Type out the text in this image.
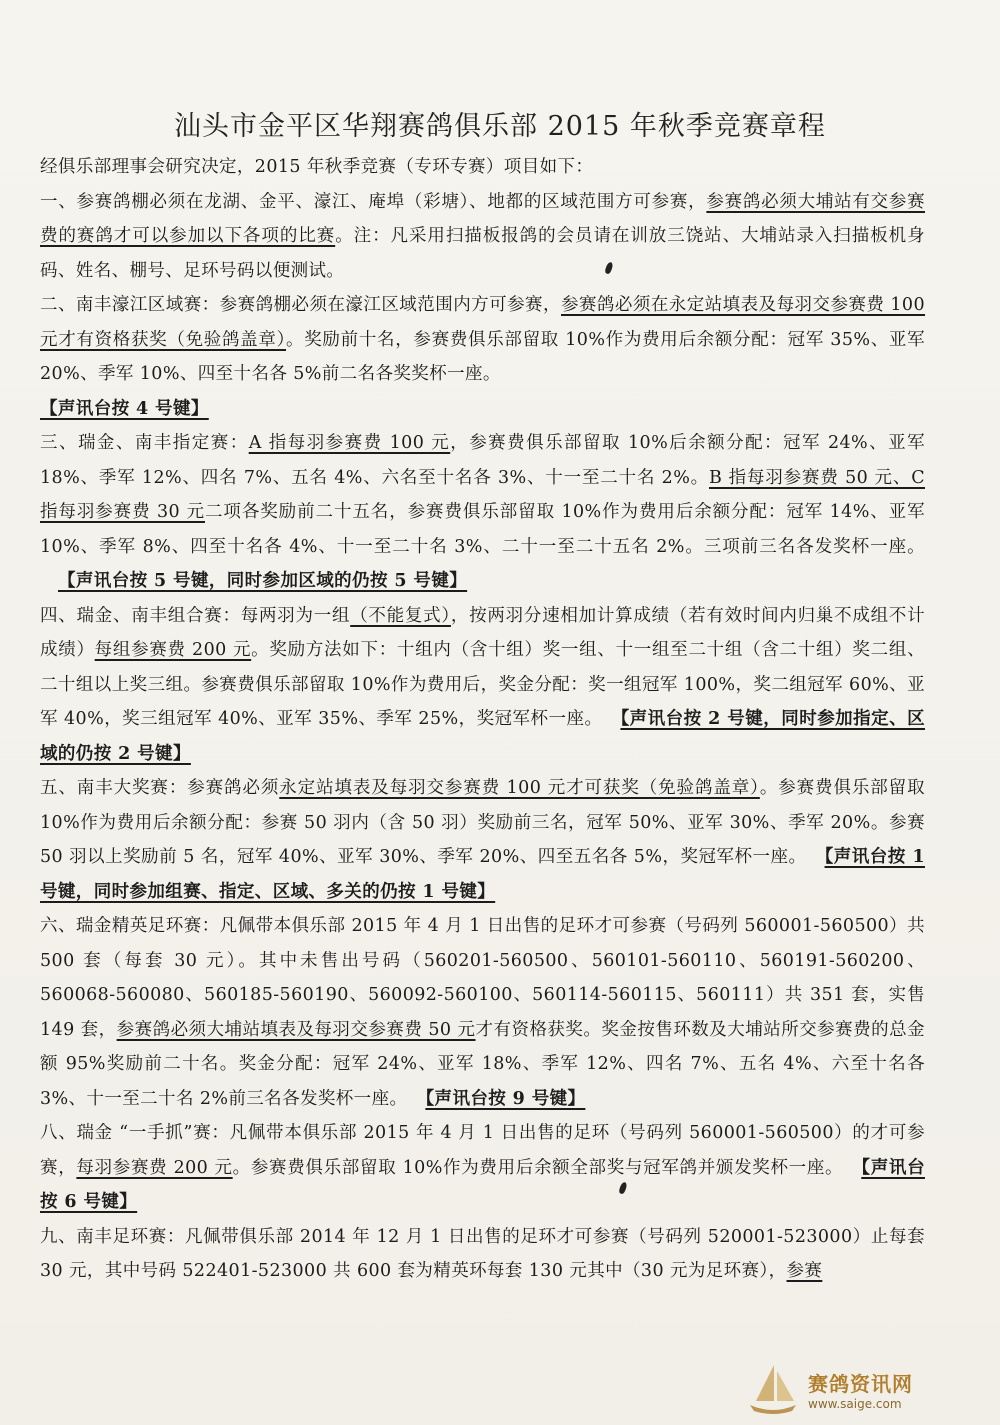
汕头市金平区华翔赛鸽俱乐部 2015 年秋季竞赛章程

经俱乐部理事会研究决定，2015 年秋季竞赛（专环专赛）项目如下：

一、参赛鸽棚必须在龙湖、金平、濠江、庵埠（彩塘）、地都的区域范围方可参赛，参赛鸽必须大埔站有交参赛费的赛鸽才可以参加以下各项的比赛。注：凡采用扫描板报鸽的会员请在训放三饶站、大埔站录入扫描板机身码、姓名、棚号、足环号码以便测试。

二、南丰濠江区域赛：参赛鸽棚必须在濠江区域范围内方可参赛，参赛鸽必须在永定站填表及每羽交参赛费 100 元才有资格获奖（免验鸽盖章）。奖励前十名，参赛费俱乐部留取 10%作为费用后余额分配：冠军 35%、亚军 20%、季军 10%、四至十名各 5%前二名各奖奖杯一座。
【声讯台按 4 号键】

三、瑞金、南丰指定赛：A 指每羽参赛费 100 元，参赛费俱乐部留取 10%后余额分配：冠军 24%、亚军 18%、季军 12%、四名 7%、五名 4%、六名至十名各 3%、十一至二十名 2%。B 指每羽参赛费 50 元、C 指每羽参赛费 30 元二项各奖励前二十五名，参赛费俱乐部留取 10%作为费用后余额分配：冠军 14%、亚军 10%、季军 8%、四至十名各 4%、十一至二十名 3%、二十一至二十五名 2%。三项前三名各发奖杯一座。【声讯台按 5 号键，同时参加区域的仍按 5 号键】

四、瑞金、南丰组合赛：每两羽为一组（不能复式），按两羽分速相加计算成绩（若有效时间内归巢不成组不计成绩）每组参赛费 200 元。奖励方法如下：十组内（含十组）奖一组、十一组至二十组（含二十组）奖二组、二十组以上奖三组。参赛费俱乐部留取 10%作为费用后，奖金分配：奖一组冠军 100%，奖二组冠军 60%、亚军 40%，奖三组冠军 40%、亚军 35%、季军 25%，奖冠军杯一座。 【声讯台按 2 号键，同时参加指定、区域的仍按 2 号键】

五、南丰大奖赛：参赛鸽必须永定站填表及每羽交参赛费 100 元才可获奖（免验鸽盖章）。参赛费俱乐部留取 10%作为费用后余额分配：参赛 50 羽内（含 50 羽）奖励前三名，冠军 50%、亚军 30%、季军 20%。参赛 50 羽以上奖励前 5 名，冠军 40%、亚军 30%、季军 20%、四至五名各 5%，奖冠军杯一座。 【声讯台按 1 号键，同时参加组赛、指定、区域、多关的仍按 1 号键】

六、瑞金精英足环赛：凡佩带本俱乐部 2015 年 4 月 1 日出售的足环才可参赛（号码列 560001-560500）共 500 套（每套 30 元）。其中未售出号码（560201-560500、560101-560110、560191-560200、560068-560080、560185-560190、560092-560100、560114-560115、560111）共 351 套，实售 149 套，参赛鸽必须大埔站填表及每羽交参赛费 50 元才有资格获奖。奖金按售环数及大埔站所交参赛费的总金额 95%奖励前二十名。奖金分配：冠军 24%、亚军 18%、季军 12%、四名 7%、五名 4%、六至十名各 3%、十一至二十名 2%前三名各发奖杯一座。 【声讯台按 9 号键】

八、瑞金 “一手抓”赛：凡佩带本俱乐部 2015 年 4 月 1 日出售的足环（号码列 560001-560500）的才可参赛，每羽参赛费 200 元。参赛费俱乐部留取 10%作为费用后余额全部奖与冠军鸽并颁发奖杯一座。 【声讯台按 6 号键】

九、南丰足环赛：凡佩带俱乐部 2014 年 12 月 1 日出售的足环才可参赛（号码列 520001-523000）止每套 30 元，其中号码 522401-523000 共 600 套为精英环每套 130 元其中（30 元为足环赛），参赛

赛鸽资讯网
www.saige.com
